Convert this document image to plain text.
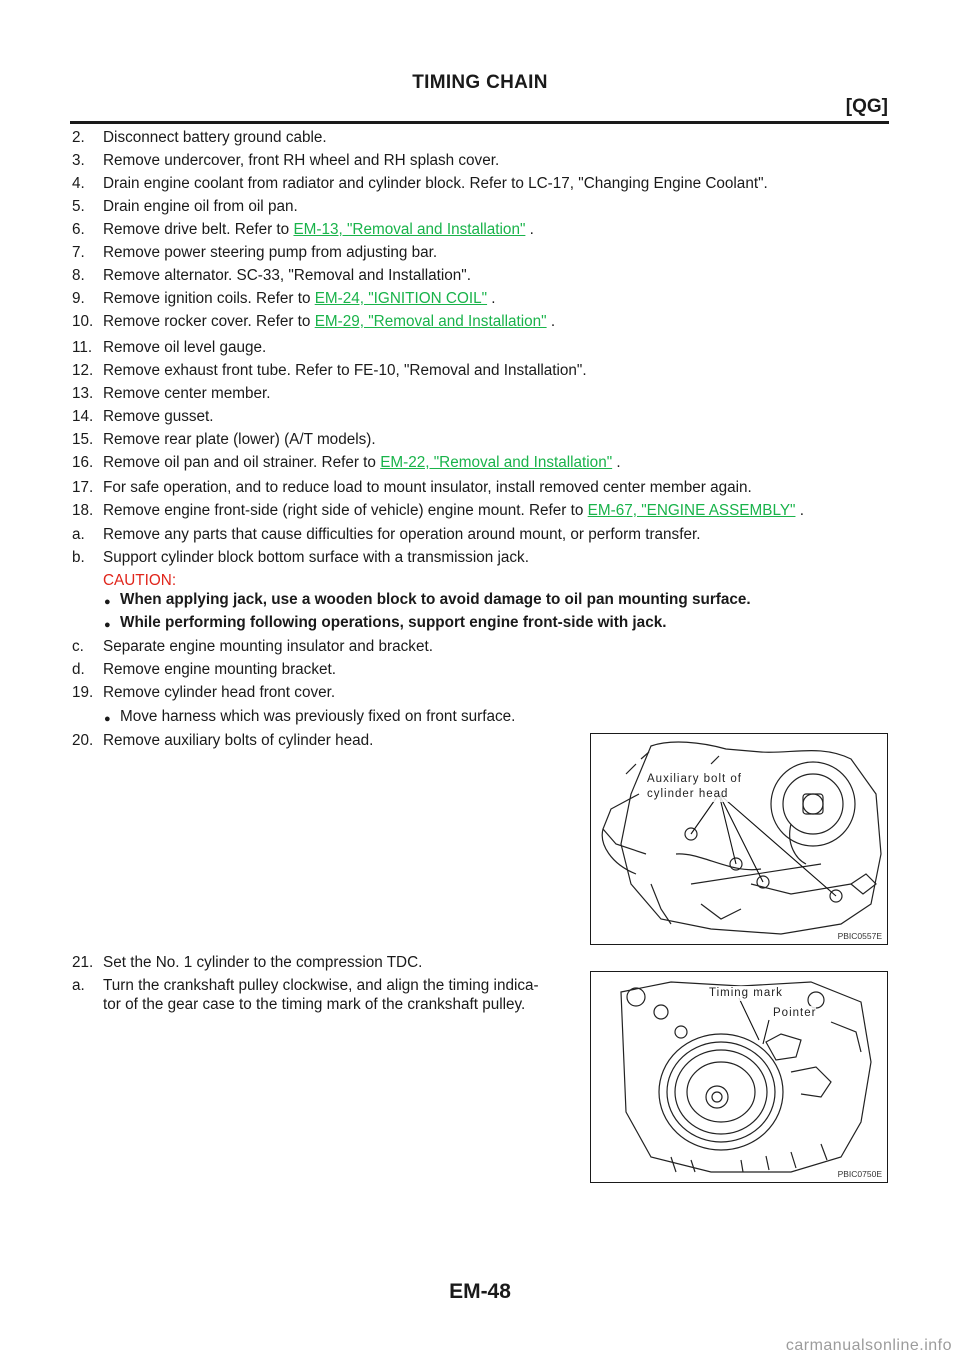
TIMING CHAIN
[QG]
2. Disconnect battery ground cable.
3. Remove undercover, front RH wheel and RH splash cover.
4. Drain engine coolant from radiator and cylinder block. Refer to LC-17, "Changing Engine Coolant".
5. Drain engine oil from oil pan.
6. Remove drive belt. Refer to EM-13, "Removal and Installation" .
7. Remove power steering pump from adjusting bar.
8. Remove alternator. SC-33, "Removal and Installation".
9. Remove ignition coils. Refer to EM-24, "IGNITION COIL" .
10. Remove rocker cover. Refer to EM-29, "Removal and Installation" .
11. Remove oil level gauge.
12. Remove exhaust front tube. Refer to FE-10, "Removal and Installation".
13. Remove center member.
14. Remove gusset.
15. Remove rear plate (lower) (A/T models).
16. Remove oil pan and oil strainer. Refer to EM-22, "Removal and Installation" .
17. For safe operation, and to reduce load to mount insulator, install removed center member again.
18. Remove engine front-side (right side of vehicle) engine mount. Refer to EM-67, "ENGINE ASSEMBLY" .
a. Remove any parts that cause difficulties for operation around mount, or perform transfer.
b. Support cylinder block bottom surface with a transmission jack.
CAUTION:
● When applying jack, use a wooden block to avoid damage to oil pan mounting surface.
● While performing following operations, support engine front-side with jack.
c. Separate engine mounting insulator and bracket.
d. Remove engine mounting bracket.
19. Remove cylinder head front cover.
● Move harness which was previously fixed on front surface.
20. Remove auxiliary bolts of cylinder head.
21. Set the No. 1 cylinder to the compression TDC.
a. Turn the crankshaft pulley clockwise, and align the timing indica-
tor of the gear case to the timing mark of the crankshaft pulley.
Auxiliary bolt of
cylinder head
PBIC0557E
Timing mark
Pointer
PBIC0750E
EM-48
carmanualsonline.info
